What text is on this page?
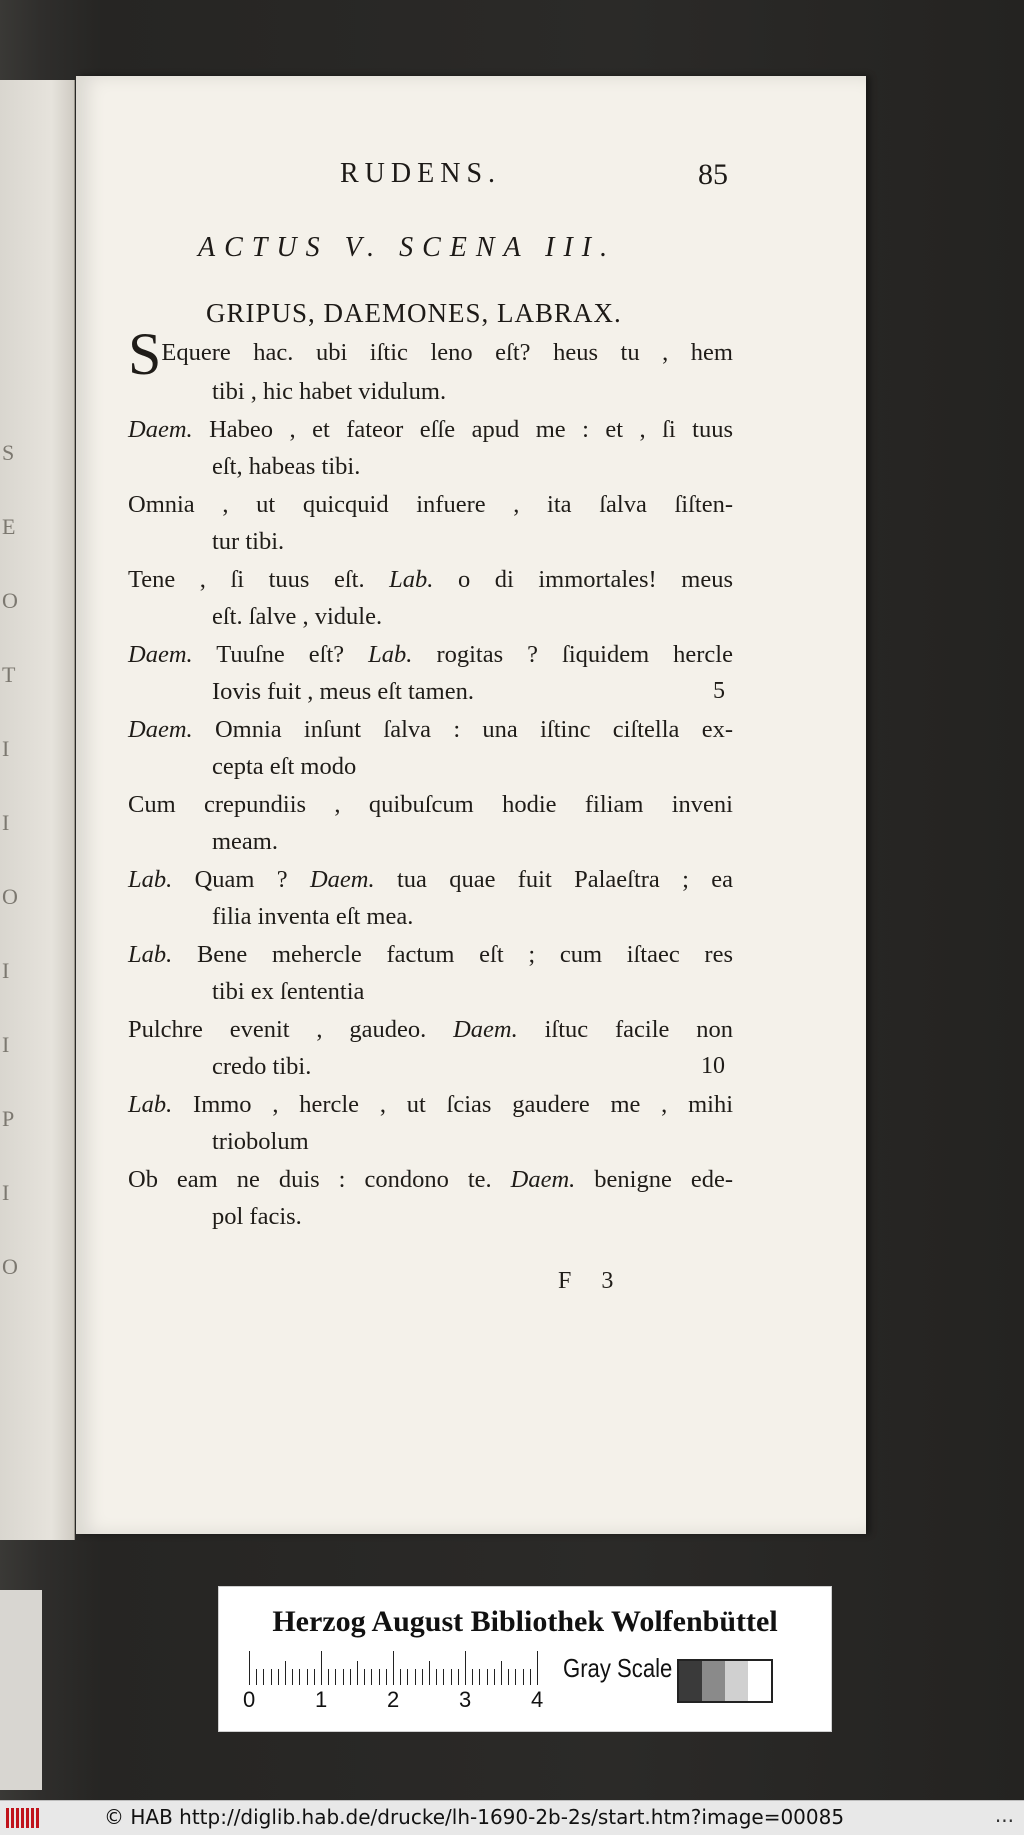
S
E
O
T
I
I
O
I
I
P
I
O
RUDENS.	85
ACTUS V. SCENA III.
GRIPUS, DAEMONES, LABRAX.
SEquere hac. ubi iſtic leno eſt? heus tu , hem
tibi , hic habet vidulum.
Daem. Habeo , et fateor eſſe apud me : et , ſi tuus
eſt, habeas tibi.
Omnia , ut quicquid infuere , ita ſalva ſiſten-
tur tibi.
Tene , ſi tuus eſt. Lab. o di immortales! meus
eſt. ſalve , vidule.
Daem. Tuuſne eſt? Lab. rogitas ? ſiquidem hercle
Iovis fuit , meus eſt tamen.	5
Daem. Omnia inſunt ſalva : una iſtinc ciſtella ex-
cepta eſt modo
Cum crepundiis , quibuſcum hodie filiam inveni
meam.
Lab. Quam ? Daem. tua quae fuit Palaeſtra ; ea
filia inventa eſt mea.
Lab. Bene mehercle factum eſt ; cum iſtaec res
tibi ex ſententia
Pulchre evenit , gaudeo. Daem. iſtuc facile non
credo tibi.	10
Lab. Immo , hercle , ut ſcias gaudere me , mihi
triobolum
Ob eam ne duis : condono te. Daem. benigne ede-
pol facis.
F 3
Herzog August Bibliothek Wolfenbüttel
0	1	2	3	4
Gray Scale
© HAB http://diglib.hab.de/drucke/lh-1690-2b-2s/start.htm?image=00085	...
